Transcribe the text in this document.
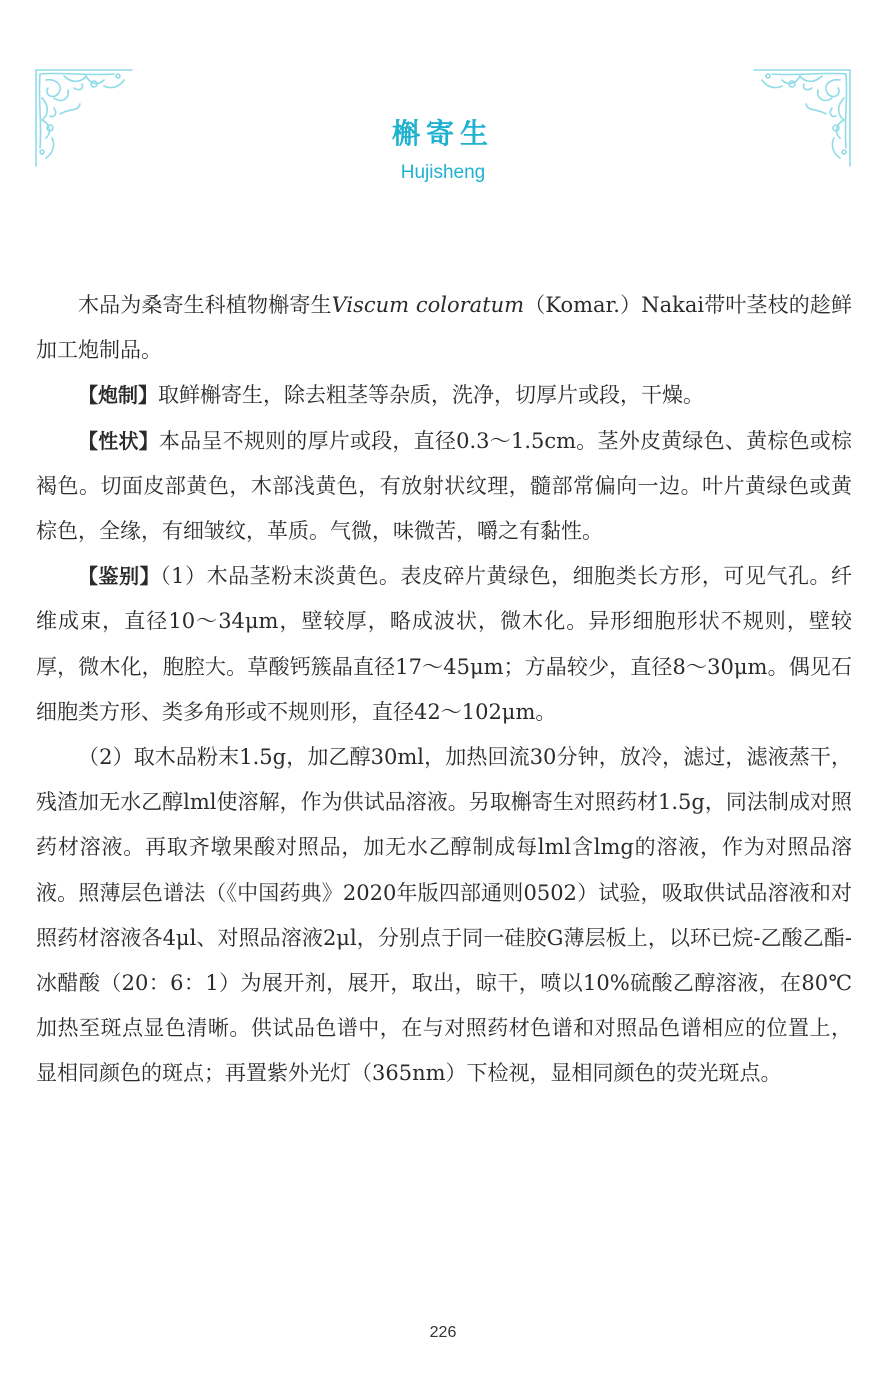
槲寄生
Hujisheng

木品为桑寄生科植物槲寄生Viscum coloratum（Komar.）Nakai带叶茎枝的趁鲜加工炮制品。

【炮制】取鲜槲寄生，除去粗茎等杂质，洗净，切厚片或段，干燥。

【性状】本品呈不规则的厚片或段，直径0.3～1.5cm。茎外皮黄绿色、黄棕色或棕褐色。切面皮部黄色，木部浅黄色，有放射状纹理，髓部常偏向一边。叶片黄绿色或黄棕色，全缘，有细皱纹，革质。气微，味微苦，嚼之有黏性。

【鉴别】（1）木品茎粉末淡黄色。表皮碎片黄绿色，细胞类长方形，可见气孔。纤维成束，直径10～34μm，壁较厚，略成波状，微木化。异形细胞形状不规则，壁较厚，微木化，胞腔大。草酸钙簇晶直径17～45μm；方晶较少，直径8～30μm。偶见石细胞类方形、类多角形或不规则形，直径42～102μm。

（2）取木品粉末1.5g，加乙醇30ml，加热回流30分钟，放冷，滤过，滤液蒸干，残渣加无水乙醇lml使溶解，作为供试品溶液。另取槲寄生对照药材1.5g，同法制成对照药材溶液。再取齐墩果酸对照品，加无水乙醇制成每lml含lmg的溶液，作为对照品溶液。照薄层色谱法（《中国药典》2020年版四部通则0502）试验，吸取供试品溶液和对照药材溶液各4μl、对照品溶液2μl，分别点于同一硅胶G薄层板上，以环已烷-乙酸乙酯-冰醋酸（20：6：1）为展开剂，展开，取出，晾干，喷以10%硫酸乙醇溶液，在80℃加热至斑点显色清晰。供试品色谱中，在与对照药材色谱和对照品色谱相应的位置上，显相同颜色的斑点；再置紫外光灯（365nm）下检视，显相同颜色的荧光斑点。

226
